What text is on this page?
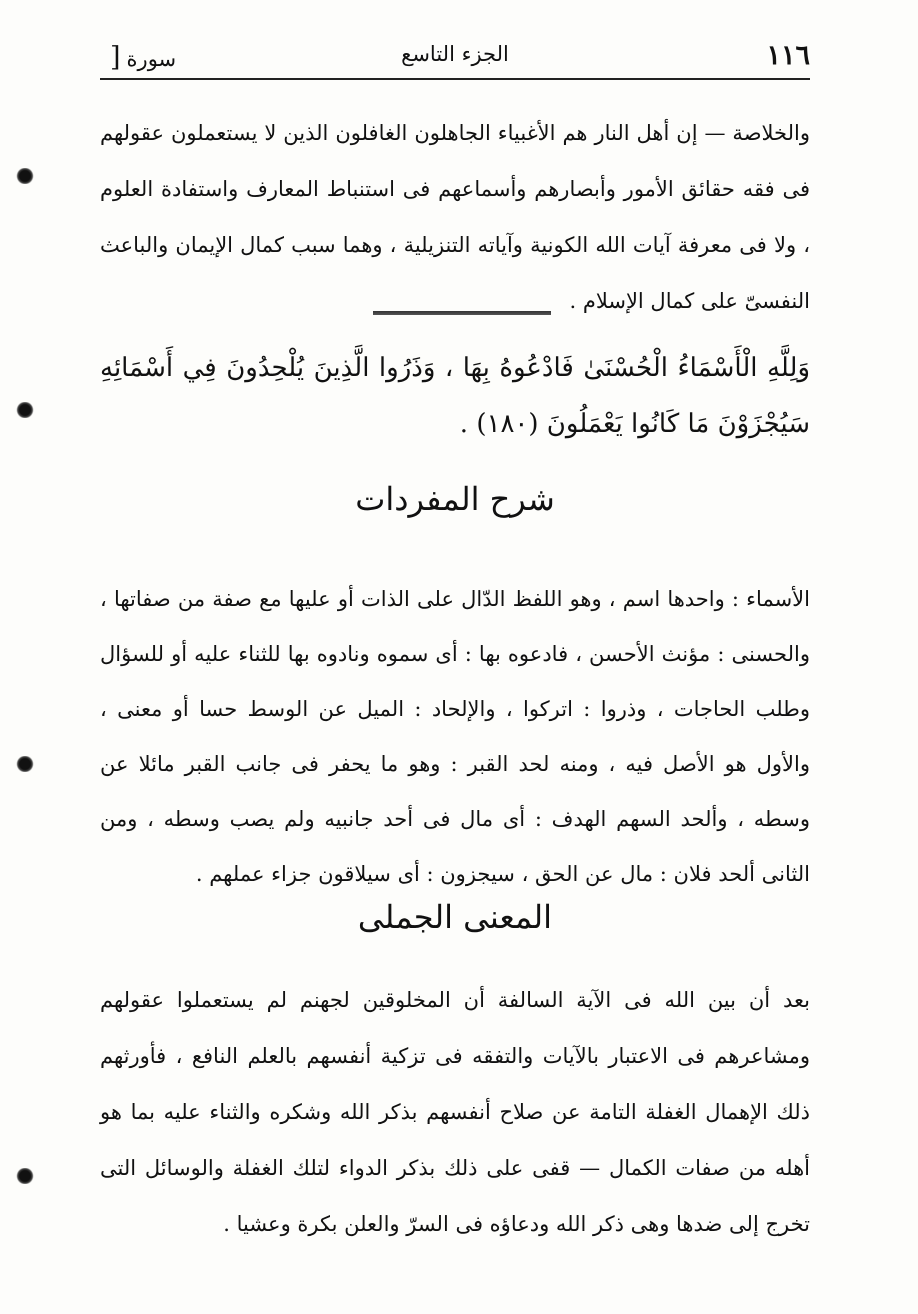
١١٦
الجزء التاسع
سورة[

والخلاصة — إن أهل النار هم الأغبياء الجاهلون الغافلون الذين لا يستعملون عقولهم فى فقه حقائق الأمور وأبصارهم وأسماعهم فى استنباط المعارف واستفادة العلوم ، ولا فى معرفة آيات الله الكونية وآياته التنزيلية ، وهما سبب كمال الإيمان والباعث النفسىّ على كمال الإسلام .

وَلِلَّهِ الْأَسْمَاءُ الْحُسْنَىٰ فَادْعُوهُ بِهَا ، وَذَرُوا الَّذِينَ يُلْحِدُونَ فِي أَسْمَائِهِ سَيُجْزَوْنَ مَا كَانُوا يَعْمَلُونَ (١٨٠) .

شرح المفردات

الأسماء : واحدها اسم ، وهو اللفظ الدّال على الذات أو عليها مع صفة من صفاتها ، والحسنى : مؤنث الأحسن ، فادعوه بها : أى سموه ونادوه بها للثناء عليه أو للسؤال وطلب الحاجات ، وذروا : اتركوا ، والإلحاد : الميل عن الوسط حسا أو معنى ، والأول هو الأصل فيه ، ومنه لحد القبر : وهو ما يحفر فى جانب القبر مائلا عن وسطه ، وألحد السهم الهدف : أى مال فى أحد جانبيه ولم يصب وسطه ، ومن الثانى ألحد فلان : مال عن الحق ، سيجزون : أى سيلاقون جزاء عملهم .

المعنى الجملى

بعد أن بين الله فى الآية السالفة أن المخلوقين لجهنم لم يستعملوا عقولهم ومشاعرهم فى الاعتبار بالآيات والتفقه فى تزكية أنفسهم بالعلم النافع ، فأورثهم ذلك الإهمال الغفلة التامة عن صلاح أنفسهم بذكر الله وشكره والثناء عليه بما هو أهله من صفات الكمال — قفى على ذلك بذكر الدواء لتلك الغفلة والوسائل التى تخرج إلى ضدها وهى ذكر الله ودعاؤه فى السرّ والعلن بكرة وعشيا .
